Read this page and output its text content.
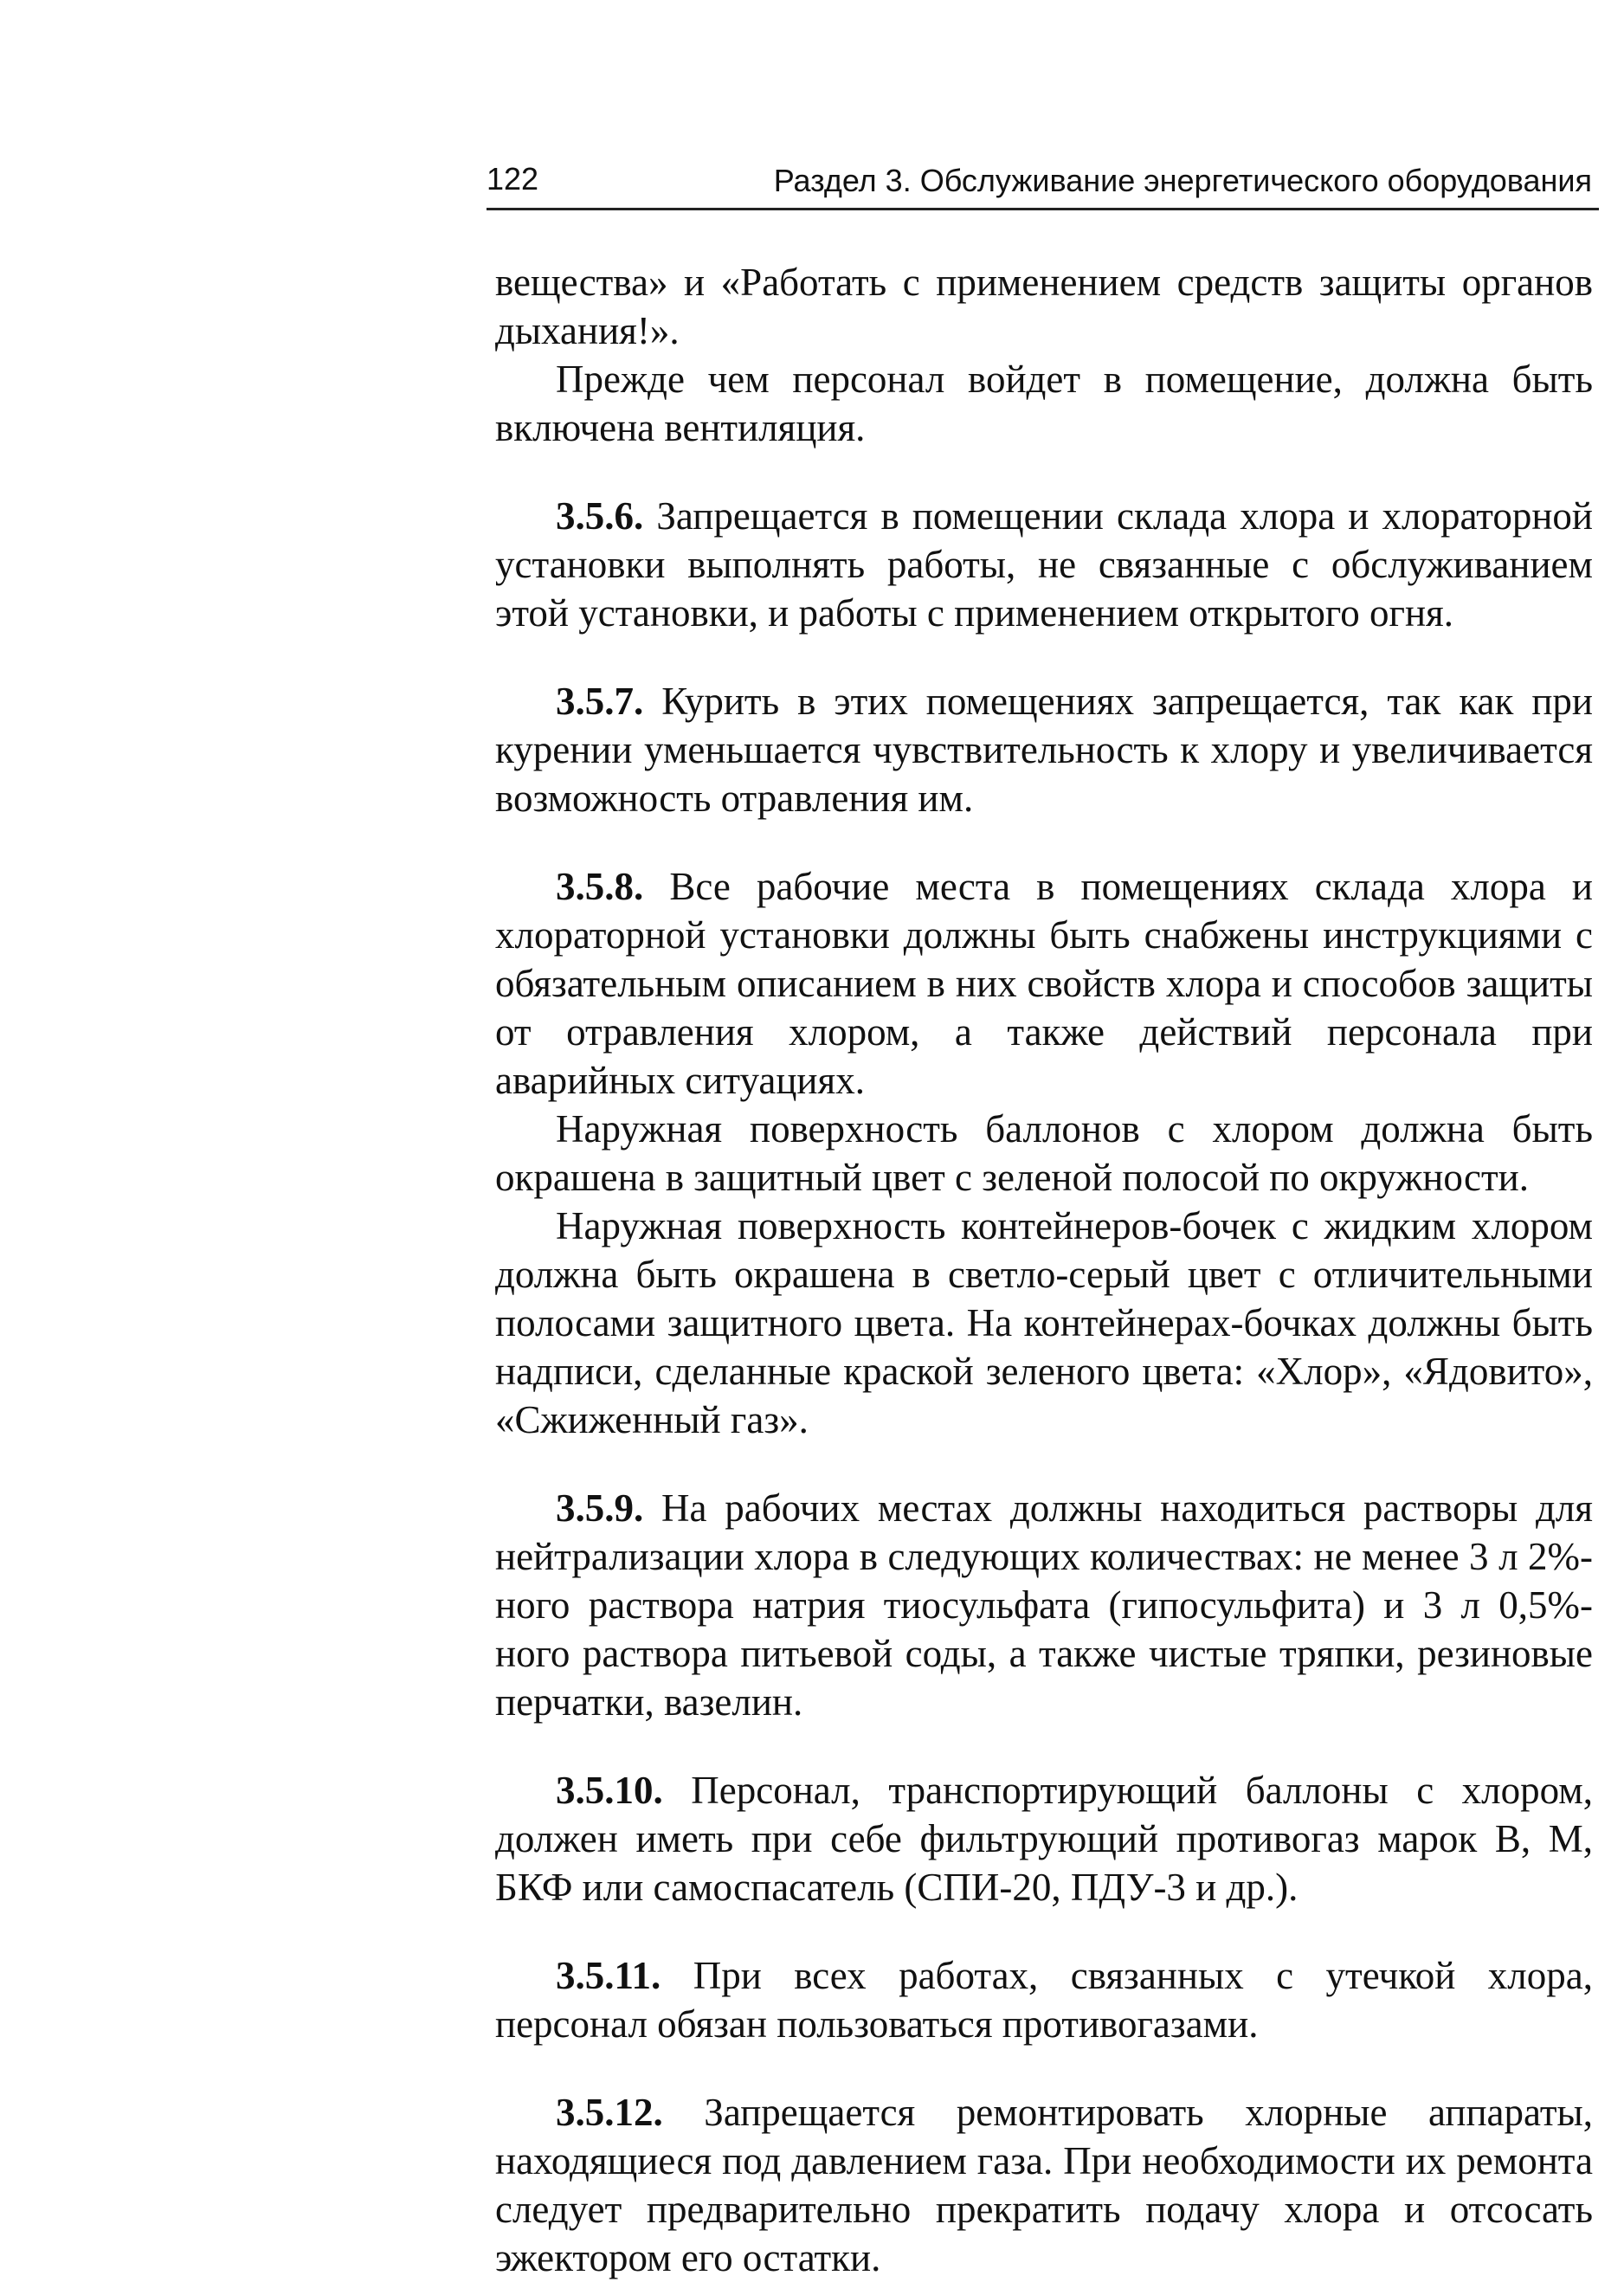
122	Раздел 3. Обслуживание энергетического оборудования

вещества» и «Работать с применением средств защиты органов дыхания!».

Прежде чем персонал войдет в помещение, должна быть включена вентиляция.

3.5.6. Запрещается в помещении склада хлора и хлораторной установки выполнять работы, не связанные с обслуживанием этой установки, и работы с применением открытого огня.

3.5.7. Курить в этих помещениях запрещается, так как при курении уменьшается чувствительность к хлору и увеличивается возможность отравления им.

3.5.8. Все рабочие места в помещениях склада хлора и хлораторной установки должны быть снабжены инструкциями с обязательным описанием в них свойств хлора и способов защиты от отравления хлором, а также действий персонала при аварийных ситуациях.

Наружная поверхность баллонов с хлором должна быть окрашена в защитный цвет с зеленой полосой по окружности.

Наружная поверхность контейнеров-бочек с жидким хлором должна быть окрашена в светло-серый цвет с отличительными полосами защитного цвета. На контейнерах-бочках должны быть надписи, сделанные краской зеленого цвета: «Хлор», «Ядовито», «Сжиженный газ».

3.5.9. На рабочих местах должны находиться растворы для нейтрализации хлора в следующих количествах: не менее 3 л 2%-ного раствора натрия тиосульфата (гипосульфита) и 3 л 0,5%-ного раствора питьевой соды, а также чистые тряпки, резиновые перчатки, вазелин.

3.5.10. Персонал, транспортирующий баллоны с хлором, должен иметь при себе фильтрующий противогаз марок В, М, БКФ или самоспасатель (СПИ-20, ПДУ-3 и др.).

3.5.11. При всех работах, связанных с утечкой хлора, персонал обязан пользоваться противогазами.

3.5.12. Запрещается ремонтировать хлорные аппараты, находящиеся под давлением газа. При необходимости их ремонта следует предварительно прекратить подачу хлора и отсосать эжектором его остатки.
